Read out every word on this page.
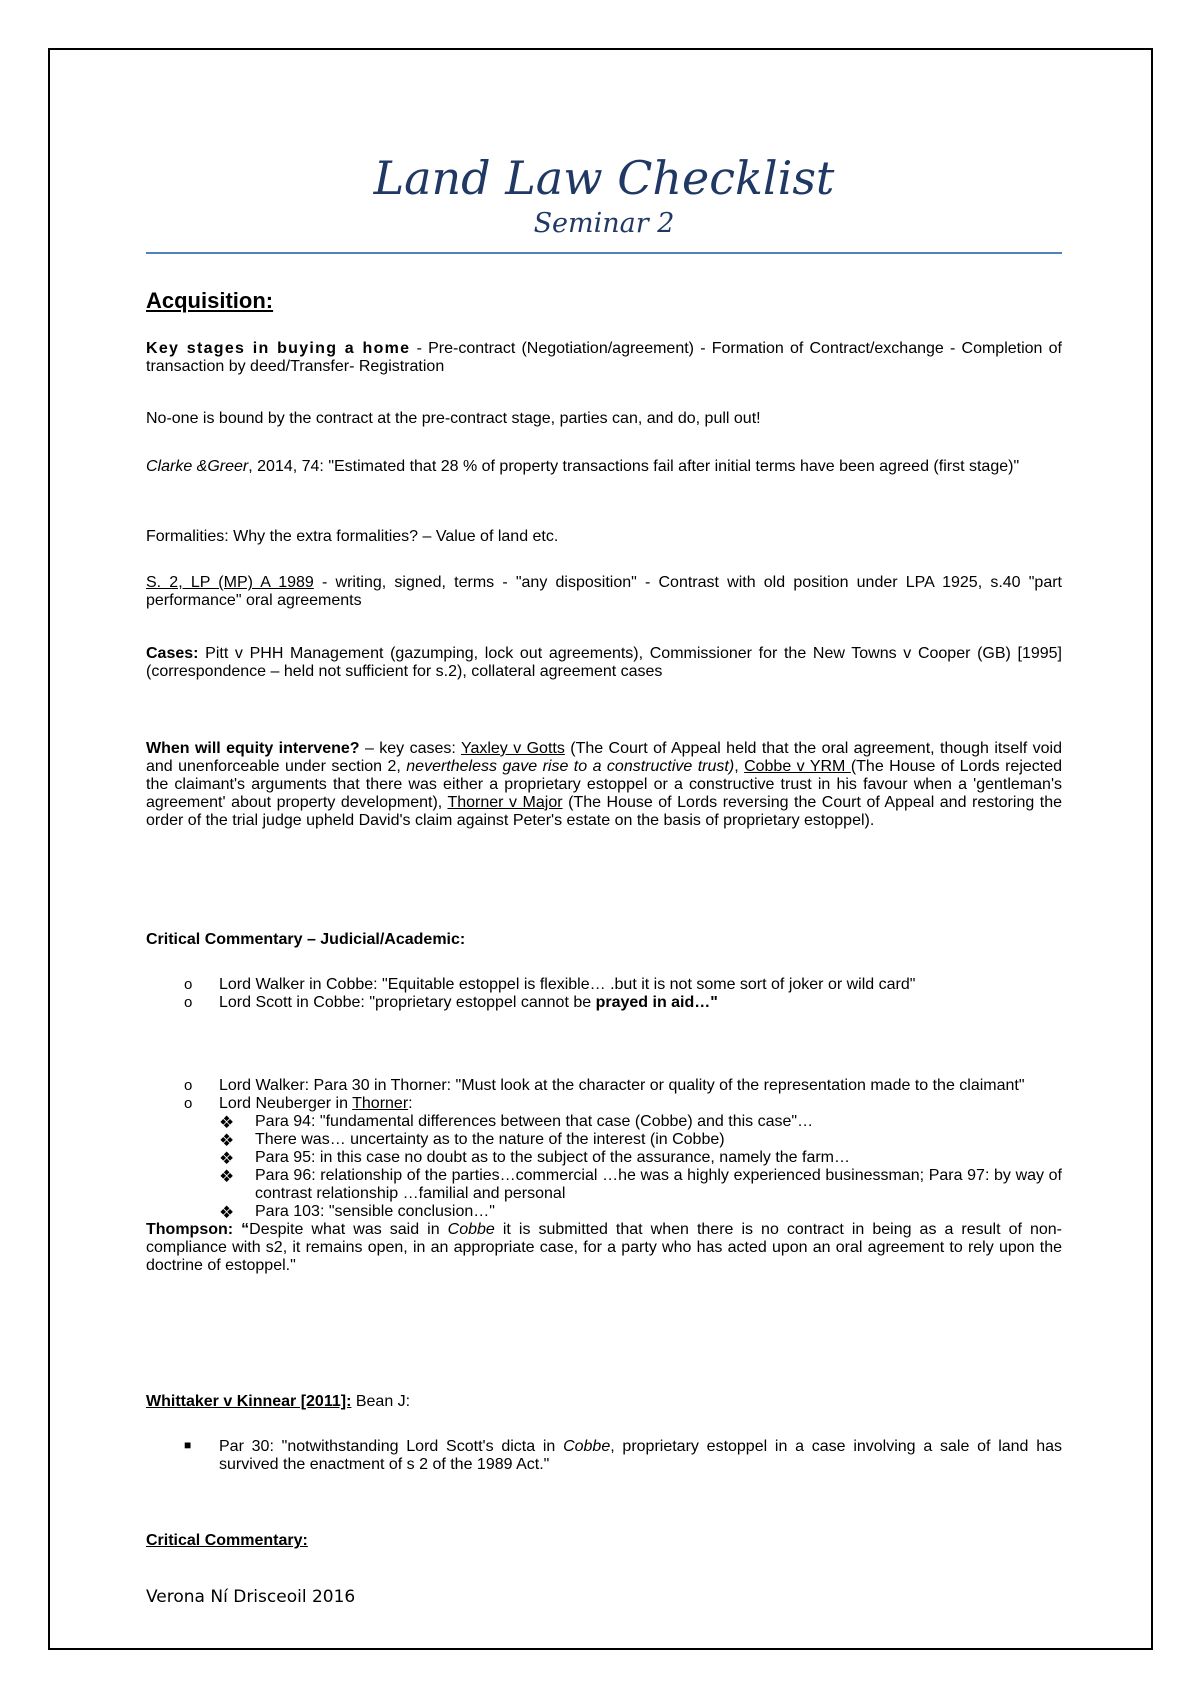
Land Law Checklist
Seminar 2
Acquisition:

Key stages in buying a home - Pre-contract (Negotiation/agreement) - Formation of Contract/exchange - Completion of transaction by deed/Transfer- Registration

No-one is bound by the contract at the pre-contract stage, parties can, and do, pull out!

Clarke &Greer, 2014, 74: "Estimated that 28 % of property transactions fail after initial terms have been agreed (first stage)"

Formalities: Why the extra formalities? – Value of land etc.

S. 2, LP (MP) A 1989 - writing, signed, terms - "any disposition" - Contrast with old position under LPA 1925, s.40 "part performance" oral agreements

Cases: Pitt v PHH Management (gazumping, lock out agreements), Commissioner for the New Towns v Cooper (GB) [1995] (correspondence – held not sufficient for s.2), collateral agreement cases

When will equity intervene? – key cases: Yaxley v Gotts (The Court of Appeal held that the oral agreement, though itself void and unenforceable under section 2, nevertheless gave rise to a constructive trust), Cobbe v YRM (The House of Lords rejected the claimant's arguments that there was either a proprietary estoppel or a constructive trust in his favour when a 'gentleman's agreement' about property development), Thorner v Major (The House of Lords reversing the Court of Appeal and restoring the order of the trial judge upheld David's claim against Peter's estate on the basis of proprietary estoppel).

Critical Commentary – Judicial/Academic:
o Lord Walker in Cobbe: "Equitable estoppel is flexible… .but it is not some sort of joker or wild card"
o Lord Scott in Cobbe: "proprietary estoppel cannot be prayed in aid…"
o Lord Walker: Para 30 in Thorner: "Must look at the character or quality of the representation made to the claimant"
o Lord Neuberger in Thorner:
❖ Para 94: "fundamental differences between that case (Cobbe) and this case"…
❖ There was… uncertainty as to the nature of the interest (in Cobbe)
❖ Para 95: in this case no doubt as to the subject of the assurance, namely the farm…
❖ Para 96: relationship of the parties…commercial …he was a highly experienced businessman; Para 97: by way of contrast relationship …familial and personal
❖ Para 103: "sensible conclusion…"

Thompson: “Despite what was said in Cobbe it is submitted that when there is no contract in being as a result of non-compliance with s2, it remains open, in an appropriate case, for a party who has acted upon an oral agreement to rely upon the doctrine of estoppel."

Whittaker v Kinnear [2011]: Bean J:

■ Par 30: "notwithstanding Lord Scott's dicta in Cobbe, proprietary estoppel in a case involving a sale of land has survived the enactment of s 2 of the 1989 Act."
Critical Commentary:
Verona Ní Drisceoil 2016
